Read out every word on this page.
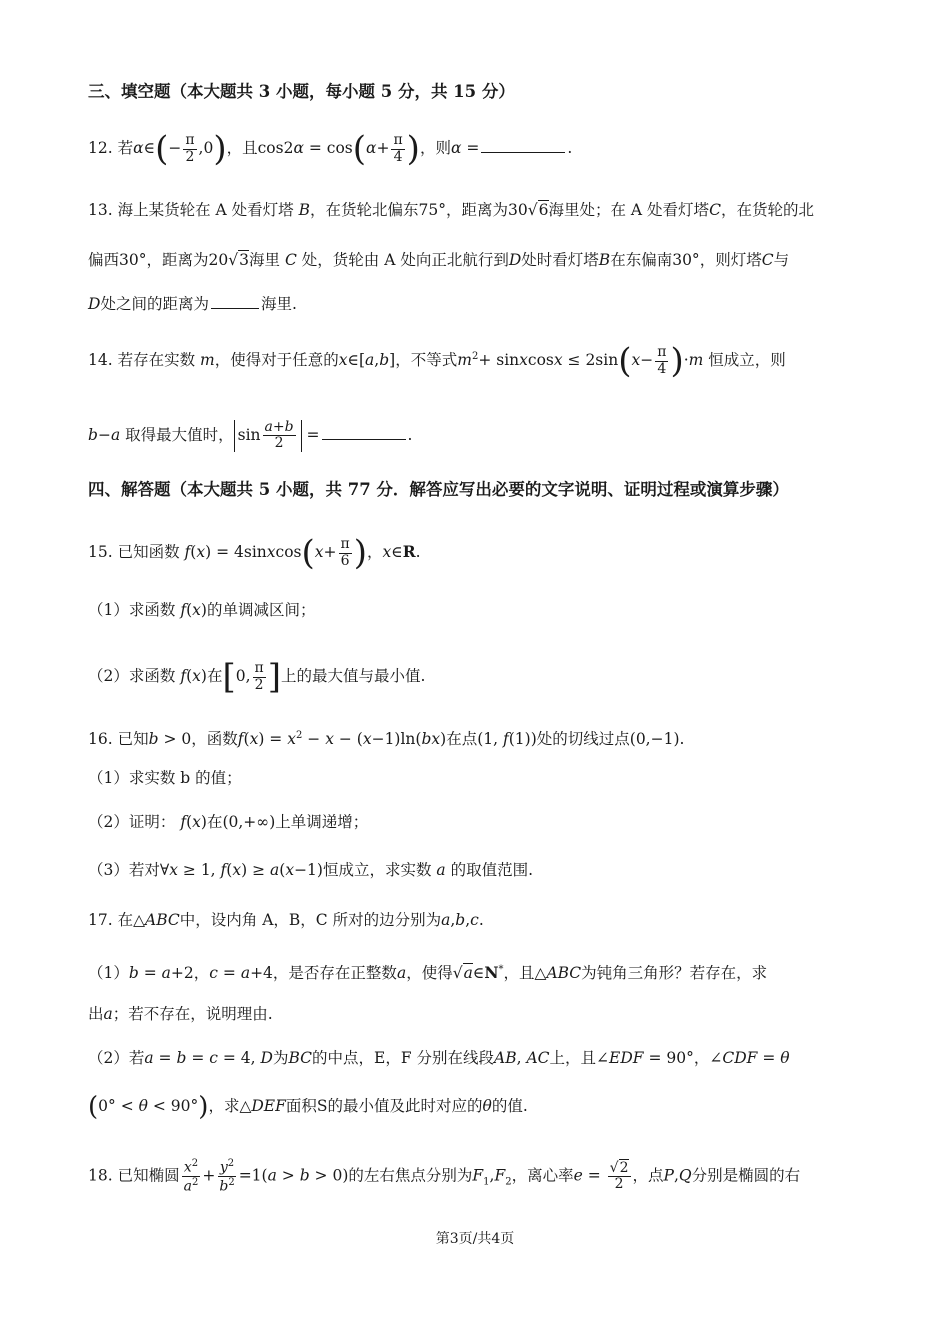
三、填空题（本大题共 3 小题，每小题 5 分，共 15 分）
12. 若α∈(− $\frac{\pi}{2} ,0$)，且$\cos 2\alpha = \cos(\alpha+ \frac{\pi}{4}$ )，则α =	.
13. 海上某货轮在 A 处看灯塔 B，在货轮北偏东75°，距离为30√6海里处；在 A 处看灯塔C，在货轮的北
偏西30°，距离为20√3海里 C 处，货轮由 A 处向正北航行到D处时看灯塔B在东偏南30°，则灯塔C与
D处之间的距离为	海里.
14. 若存在实数 m，使得对于任意的x∈[a,b]，不等式$m^2+$ sinxcosx ≤ $2\sin(x- \frac{\pi}{4} )\cdot m$ 恒成立，则
b−a 取得最大值时， $\sin \frac{a+b}{2}$ =	.
四、解答题（本大题共 5 小题，共 77 分．解答应写出必要的文字说明、证明过程或演算步骤）
15. 已知函数 f(x) = 4sinxcos(x+ $\frac{\pi}{6}$ )，x∈R.
（1）求函数 f(x)的单调减区间；
（2）求函数 f(x)在[0, $\frac{\pi}{2}$ ]上的最大值与最小值.
16. 已知b > 0，函数$f(x) = x^2 - x - (x-1)\ln(bx)$在点(1, f(1))处的切线过点(0,−1).
（1）求实数 b 的值；
（2）证明： f(x)在(0,+∞)上单调递增；
（3）若对∀x ≥ 1, f(x) ≥ a(x−1)恒成立，求实数 a 的取值范围.
17. 在△ABC中，设内角 A，B，C 所对的边分别为a,b,c.
（1）b = a+2，c = a+4，是否存在正整数a，使得√a∈N*，且△ABC为钝角三角形？若存在，求
出a；若不存在，说明理由.
（2）若a = b = c = 4, D为BC的中点，E，F 分别在线段AB, AC上，且∠EDF = 90°，∠CDF = θ
(0° < θ < 90°)，求△DEF面积S的最小值及此时对应的θ的值.
18. 已知椭圆 $\frac{x^2}{a^2} + \frac{y^2}{b^2} =1(a > b > 0)$的左右焦点分别为$F_1,F_2$，离心率$e = \frac{√2}{2}$ ，点P,Q分别是椭圆的右
第3页/共4页
